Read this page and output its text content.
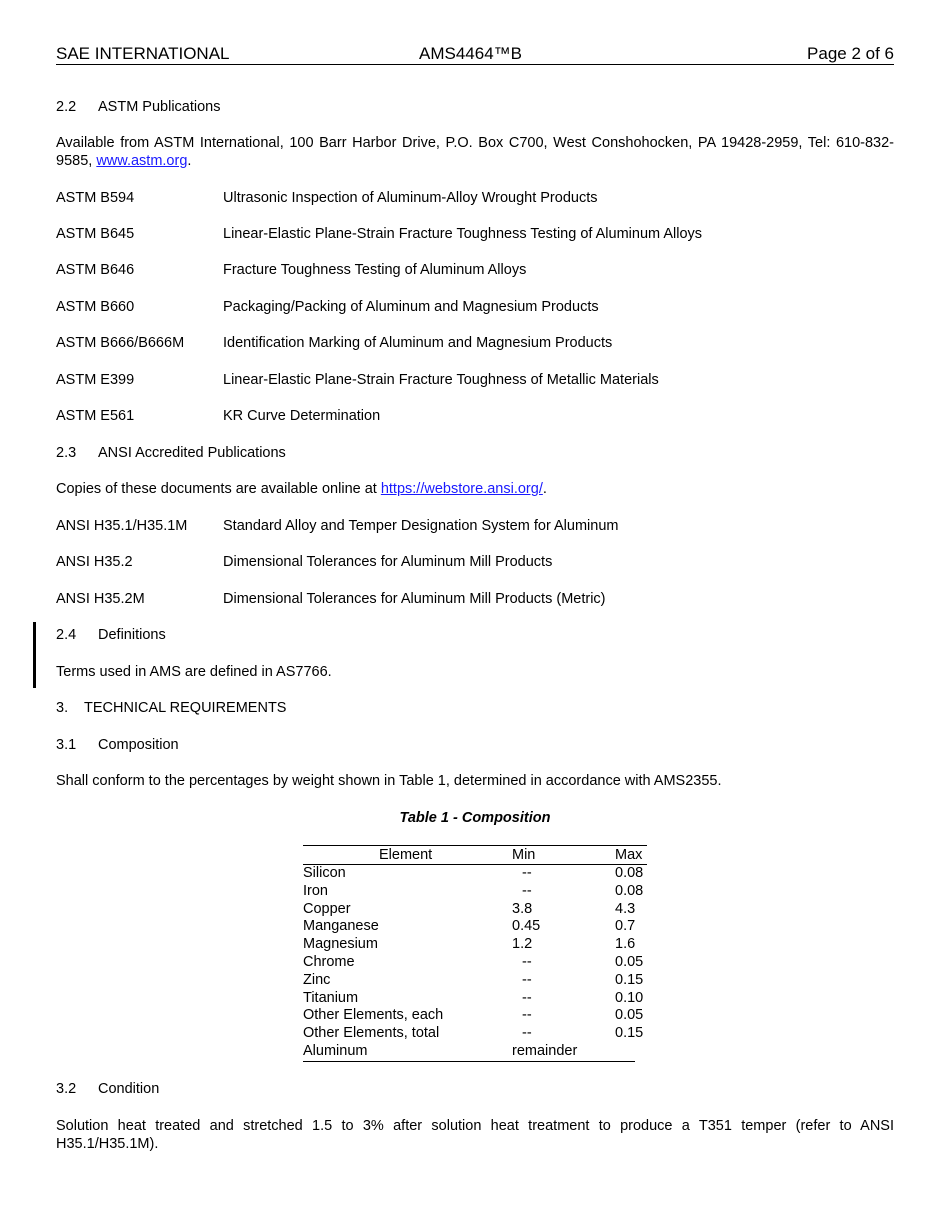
SAE INTERNATIONAL	AMS4464™B	Page 2 of 6
2.2 ASTM Publications
Available from ASTM International, 100 Barr Harbor Drive, P.O. Box C700, West Conshohocken, PA 19428-2959, Tel: 610-832-9585, www.astm.org.
ASTM B594	Ultrasonic Inspection of Aluminum-Alloy Wrought Products
ASTM B645	Linear-Elastic Plane-Strain Fracture Toughness Testing of Aluminum Alloys
ASTM B646	Fracture Toughness Testing of Aluminum Alloys
ASTM B660	Packaging/Packing of Aluminum and Magnesium Products
ASTM B666/B666M	Identification Marking of Aluminum and Magnesium Products
ASTM E399	Linear-Elastic Plane-Strain Fracture Toughness of Metallic Materials
ASTM E561	KR Curve Determination
2.3 ANSI Accredited Publications
Copies of these documents are available online at https://webstore.ansi.org/.
ANSI H35.1/H35.1M Standard Alloy and Temper Designation System for Aluminum
ANSI H35.2	Dimensional Tolerances for Aluminum Mill Products
ANSI H35.2M	Dimensional Tolerances for Aluminum Mill Products (Metric)
2.4 Definitions
Terms used in AMS are defined in AS7766.
3. TECHNICAL REQUIREMENTS
3.1 Composition
Shall conform to the percentages by weight shown in Table 1, determined in accordance with AMS2355.
Table 1 - Composition
Element	Min	Max
Silicon	--	0.08
Iron	--	0.08
Copper	3.8	4.3
Manganese	0.45	0.7
Magnesium	1.2	1.6
Chrome	--	0.05
Zinc	--	0.15
Titanium	--	0.10
Other Elements, each	--	0.05
Other Elements, total	--	0.15
Aluminum	remainder
3.2 Condition
Solution heat treated and stretched 1.5 to 3% after solution heat treatment to produce a T351 temper (refer to ANSI H35.1/H35.1M).
